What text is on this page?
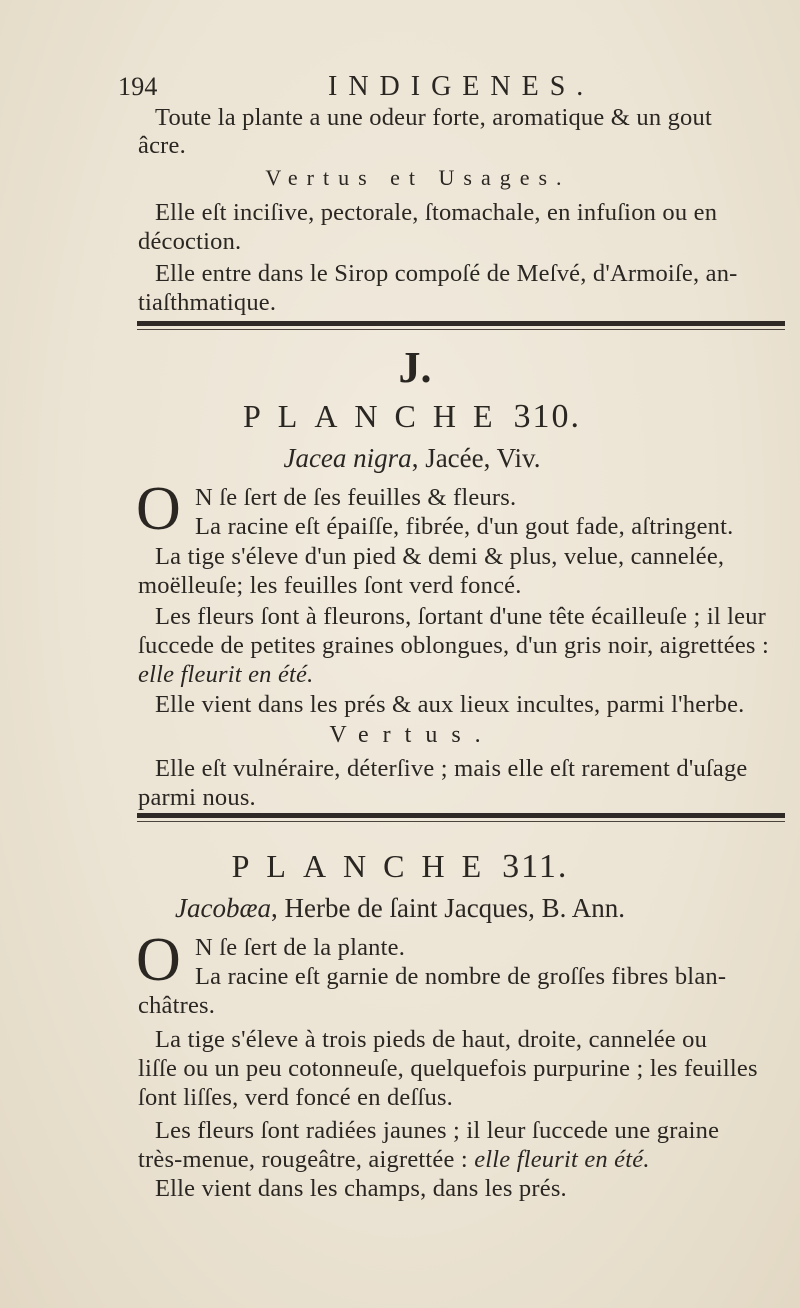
194	INDIGENES.
Toute la plante a une odeur forte, aromatique & un gout
âcre.
Vertus et Usages.
Elle eſt inciſive, pectorale, ſtomachale, en infuſion ou en
décoction.
Elle entre dans le Sirop compoſé de Meſvé, d'Armoiſe, an-
tiaſthmatique.
J.
PLANCHE 310.
Jacea nigra, Jacée, Viv.
O N ſe ſert de ſes feuilles & fleurs.
La racine eſt épaiſſe, fibrée, d'un gout fade, aſtringent.
La tige s'éleve d'un pied & demi & plus, velue, cannelée,
moëlleuſe; les feuilles ſont verd foncé.
Les fleurs ſont à fleurons, ſortant d'une tête écailleuſe ; il leur
ſuccede de petites graines oblongues, d'un gris noir, aigrettées :
elle fleurit en été.
Elle vient dans les prés & aux lieux incultes, parmi l'herbe.
Vertus.
Elle eſt vulnéraire, déterſive ; mais elle eſt rarement d'uſage
parmi nous.
PLANCHE 311.
Jacobæa, Herbe de ſaint Jacques, B. Ann.
O N ſe ſert de la plante.
La racine eſt garnie de nombre de groſſes fibres blan-
châtres.
La tige s'éleve à trois pieds de haut, droite, cannelée ou
liſſe ou un peu cotonneuſe, quelquefois purpurine ; les feuilles
ſont liſſes, verd foncé en deſſus.
Les fleurs ſont radiées jaunes ; il leur ſuccede une graine
très-menue, rougeâtre, aigrettée : elle fleurit en été.
Elle vient dans les champs, dans les prés.
